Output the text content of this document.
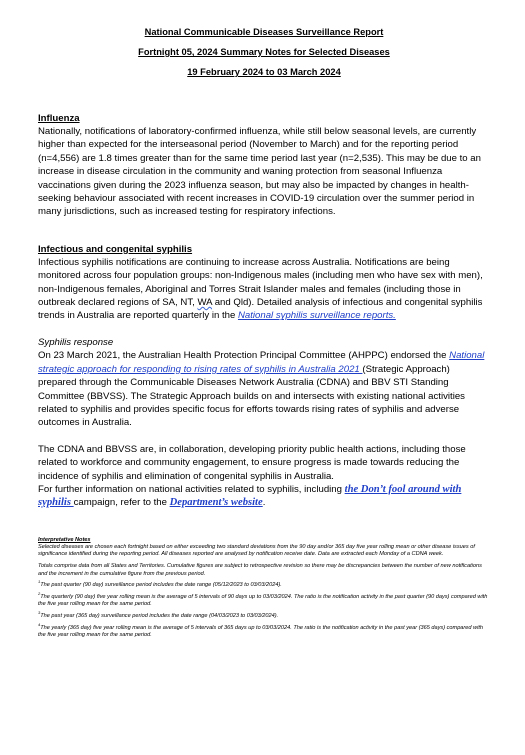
National Communicable Diseases Surveillance Report
Fortnight 05, 2024 Summary Notes for Selected Diseases
19 February 2024 to 03 March 2024
Influenza

Nationally, notifications of laboratory-confirmed influenza, while still below seasonal levels, are currently higher than expected for the interseasonal period (November to March) and for the reporting period (n=4,556) are 1.8 times greater than for the same time period last year (n=2,535). This may be due to an increase in disease circulation in the community and waning protection from seasonal Influenza vaccinations given during the 2023 influenza season, but may also be impacted by changes in health-seeking behaviour associated with recent increases in COVID-19 circulation over the summer period in many jurisdictions, such as increased testing for respiratory infections.

Infectious and congenital syphilis

Infectious syphilis notifications are continuing to increase across Australia. Notifications are being monitored across four population groups: non-Indigenous males (including men who have sex with men), non-Indigenous females, Aboriginal and Torres Strait Islander males and females (including those in outbreak declared regions of SA, NT, WA and Qld). Detailed analysis of infectious and congenital syphilis trends in Australia are reported quarterly in the National syphilis surveillance reports.

Syphilis response

On 23 March 2021, the Australian Health Protection Principal Committee (AHPPC) endorsed the National strategic approach for responding to rising rates of syphilis in Australia 2021 (Strategic Approach) prepared through the Communicable Diseases Network Australia (CDNA) and BBV STI Standing Committee (BBVSS). The Strategic Approach builds on and intersects with existing national activities related to syphilis and provides specific focus for efforts towards rising rates of syphilis and adverse outcomes in Australia.

The CDNA and BBVSS are, in collaboration, developing priority public health actions, including those related to workforce and community engagement, to ensure progress is made towards reducing the incidence of syphilis and elimination of congenital syphilis in Australia.

For further information on national activities related to syphilis, including the Don’t fool around with syphilis campaign, refer to the Department’s website.

Interpretative Notes

Selected diseases are chosen each fortnight based on either exceeding two standard deviations from the 90 day and/or 365 day five year rolling mean or other disease issues of significance identified during the reporting period. All diseases reported are analysed by notification receive date. Data are extracted each Monday of a CDNA week.

Totals comprise data from all States and Territories. Cumulative figures are subject to retrospective revision so there may be discrepancies between the number of new notifications and the increment in the cumulative figure from the previous period.

$^1$The past quarter (90 day) surveillance period includes the date range (05/12/2023 to 03/03/2024).

$^2$The quarterly (90 day) five year rolling mean is the average of 5 intervals of 90 days up to 03/03/2024. The ratio is the notification activity in the past quarter (90 days) compared with the five year rolling mean for the same period.

$^3$The past year (365 day) surveillance period includes the date range (04/03/2023 to 03/03/2024).

$^4$The yearly (365 day) five year rolling mean is the average of 5 intervals of 365 days up to 03/03/2024. The ratio is the notification activity in the past year (365 days) compared with the five year rolling mean for the same period.
